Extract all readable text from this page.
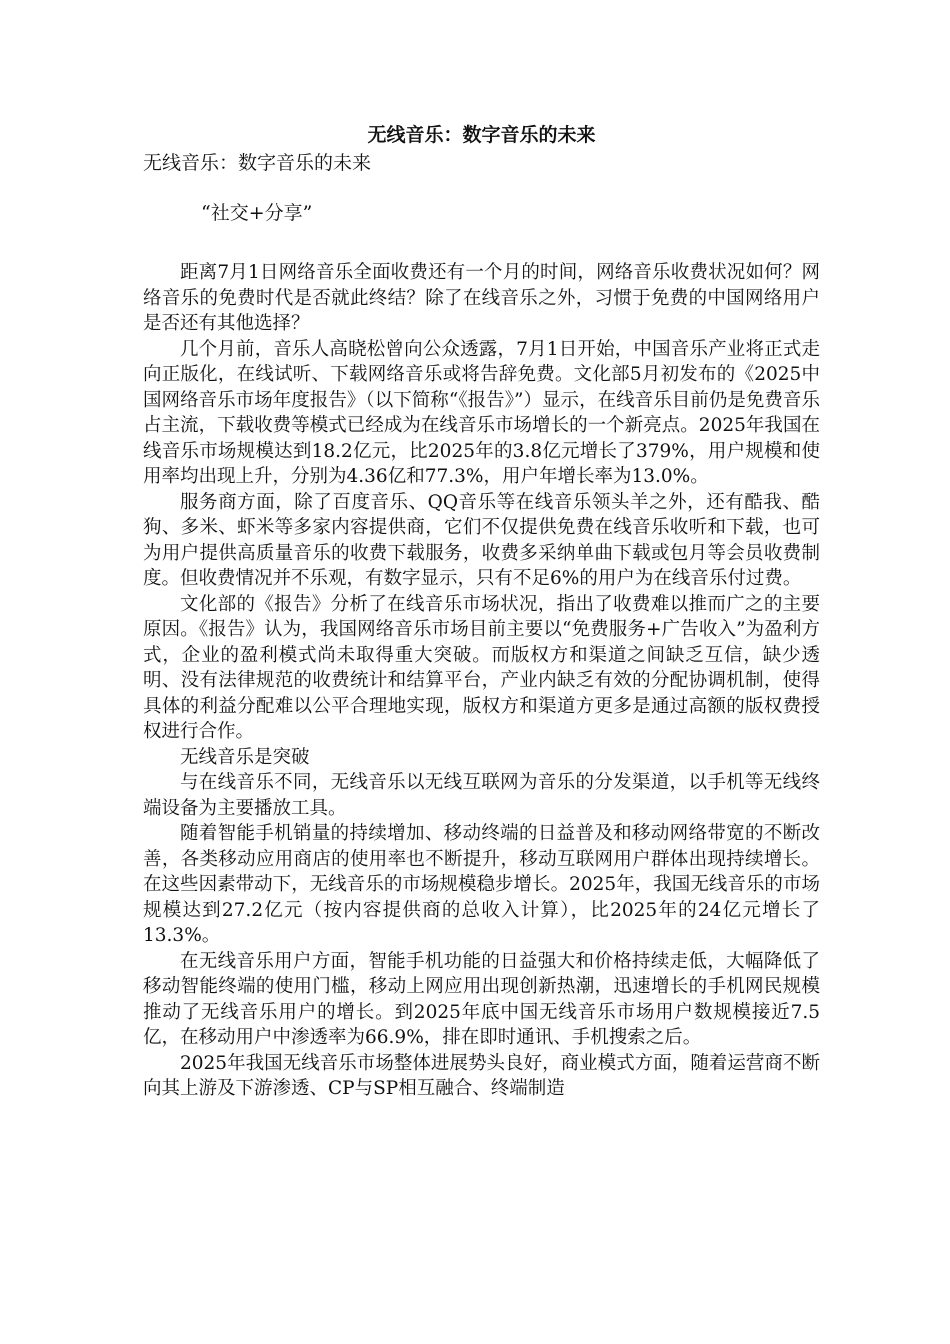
无线音乐：数字音乐的未来
无线音乐：数字音乐的未来
“社交+分享”

距离7月1日网络音乐全面收费还有一个月的时间，网络音乐收费状况如何？网络音乐的免费时代是否就此终结？除了在线音乐之外，习惯于免费的中国网络用户是否还有其他选择？

几个月前，音乐人高晓松曾向公众透露，7月1日开始，中国音乐产业将正式走向正版化，在线试听、下载网络音乐或将告辞免费。文化部5月初发布的《2025中国网络音乐市场年度报告》（以下简称“《报告》”）显示，在线音乐目前仍是免费音乐占主流，下载收费等模式已经成为在线音乐市场增长的一个新亮点。2025年我国在线音乐市场规模达到18.2亿元，比2025年的3.8亿元增长了379%，用户规模和使用率均出现上升，分别为4.36亿和77.3%，用户年增长率为13.0%。

服务商方面，除了百度音乐、QQ音乐等在线音乐领头羊之外，还有酷我、酷狗、多米、虾米等多家内容提供商，它们不仅提供免费在线音乐收听和下载，也可为用户提供高质量音乐的收费下载服务，收费多采纳单曲下载或包月等会员收费制度。但收费情况并不乐观，有数字显示，只有不足6%的用户为在线音乐付过费。

文化部的《报告》分析了在线音乐市场状况，指出了收费难以推而广之的主要原因。《报告》认为，我国网络音乐市场目前主要以“免费服务+广告收入”为盈利方式，企业的盈利模式尚未取得重大突破。而版权方和渠道之间缺乏互信，缺少透明、没有法律规范的收费统计和结算平台，产业内缺乏有效的分配协调机制，使得具体的利益分配难以公平合理地实现，版权方和渠道方更多是通过高额的版权费授权进行合作。

无线音乐是突破

与在线音乐不同，无线音乐以无线互联网为音乐的分发渠道，以手机等无线终端设备为主要播放工具。

随着智能手机销量的持续增加、移动终端的日益普及和移动网络带宽的不断改善，各类移动应用商店的使用率也不断提升，移动互联网用户群体出现持续增长。在这些因素带动下，无线音乐的市场规模稳步增长。2025年，我国无线音乐的市场规模达到27.2亿元（按内容提供商的总收入计算），比2025年的24亿元增长了13.3%。

在无线音乐用户方面，智能手机功能的日益强大和价格持续走低，大幅降低了移动智能终端的使用门槛，移动上网应用出现创新热潮，迅速增长的手机网民规模推动了无线音乐用户的增长。到2025年底中国无线音乐市场用户数规模接近7.5亿，在移动用户中渗透率为66.9%，排在即时通讯、手机搜索之后。

2025年我国无线音乐市场整体进展势头良好，商业模式方面，随着运营商不断向其上游及下游渗透、CP与SP相互融合、终端制造
